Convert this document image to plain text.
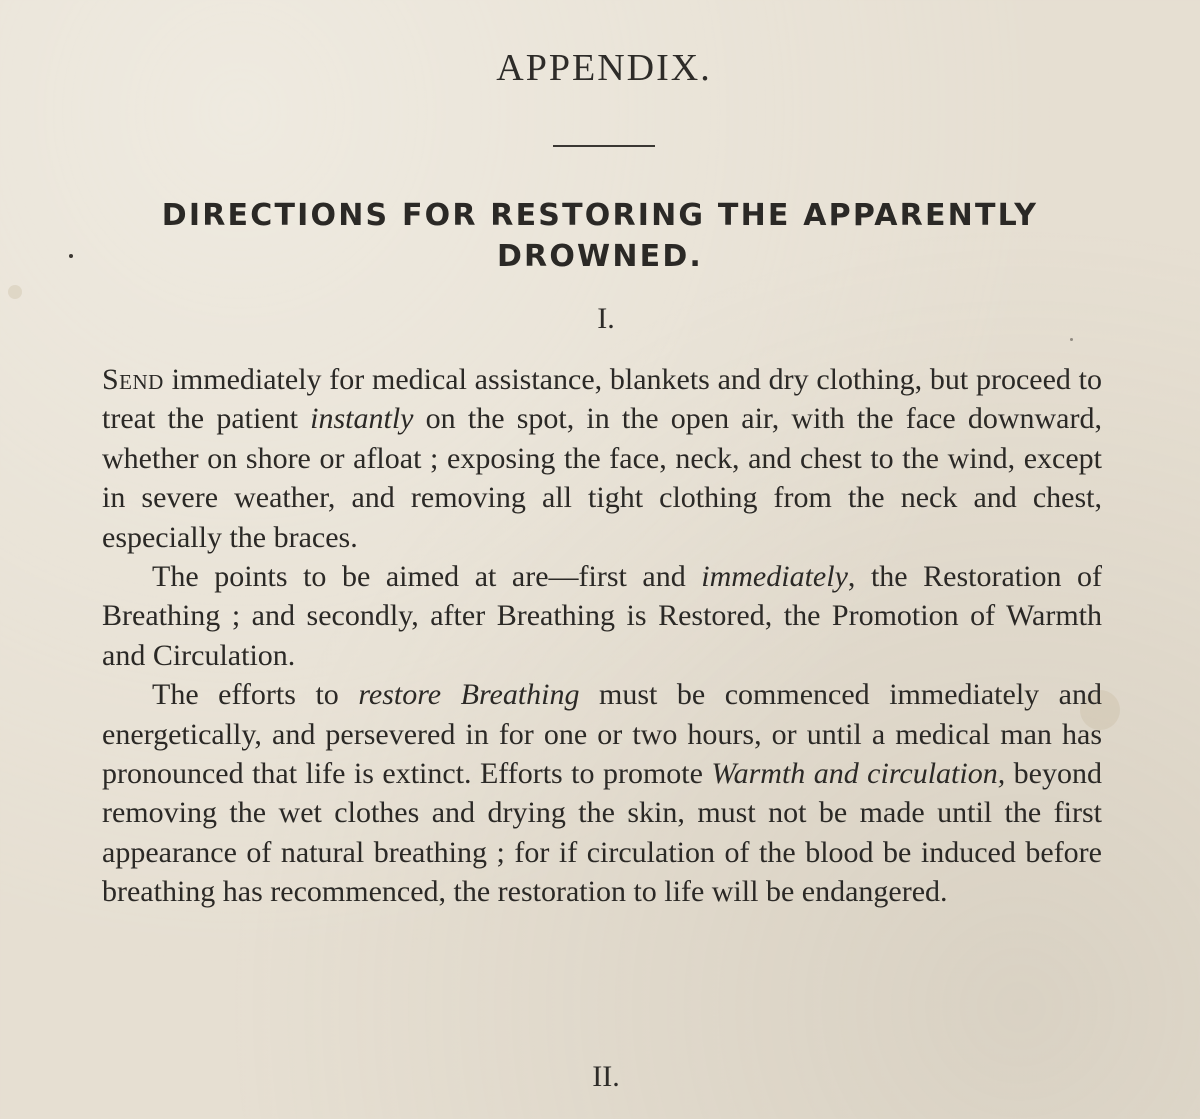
APPENDIX.
DIRECTIONS FOR RESTORING THE APPARENTLY DROWNED.
I.

Send immediately for medical assistance, blankets and dry clothing, but proceed to treat the patient instantly on the spot, in the open air, with the face downward, whether on shore or afloat ; exposing the face, neck, and chest to the wind, except in severe weather, and removing all tight clothing from the neck and chest, especially the braces.

The points to be aimed at are—first and immediately, the Restoration of Breathing ; and secondly, after Breathing is Restored, the Promotion of Warmth and Circulation.

The efforts to restore Breathing must be commenced immediately and energetically, and persevered in for one or two hours, or until a medical man has pronounced that life is extinct. Efforts to promote Warmth and circulation, beyond removing the wet clothes and drying the skin, must not be made until the first appearance of natural breathing ; for if circulation of the blood be induced before breathing has recommenced, the restoration to life will be endangered.

II.
